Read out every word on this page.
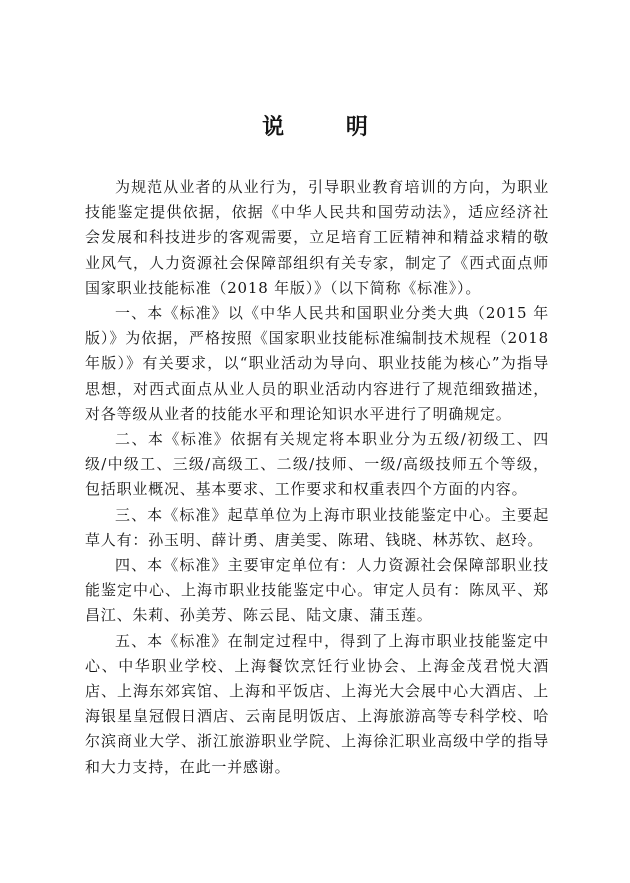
说 明

为规范从业者的从业行为，引导职业教育培训的方向，为职业技能鉴定提供依据，依据《中华人民共和国劳动法》，适应经济社会发展和科技进步的客观需要，立足培育工匠精神和精益求精的敬业风气，人力资源社会保障部组织有关专家，制定了《西式面点师国家职业技能标准（2018 年版）》（以下简称《标准》）。

一、本《标准》以《中华人民共和国职业分类大典（2015 年版）》为依据，严格按照《国家职业技能标准编制技术规程（2018 年版）》有关要求，以“职业活动为导向、职业技能为核心”为指导思想，对西式面点从业人员的职业活动内容进行了规范细致描述，对各等级从业者的技能水平和理论知识水平进行了明确规定。

二、本《标准》依据有关规定将本职业分为五级/初级工、四级/中级工、三级/高级工、二级/技师、一级/高级技师五个等级，包括职业概况、基本要求、工作要求和权重表四个方面的内容。

三、本《标准》起草单位为上海市职业技能鉴定中心。主要起草人有：孙玉明、薛计勇、唐美雯、陈珺、钱晓、林苏钦、赵玲。

四、本《标准》主要审定单位有：人力资源社会保障部职业技能鉴定中心、上海市职业技能鉴定中心。审定人员有：陈凤平、郑昌江、朱莉、孙美芳、陈云昆、陆文康、蒲玉莲。

五、本《标准》在制定过程中，得到了上海市职业技能鉴定中心、中华职业学校、上海餐饮烹饪行业协会、上海金茂君悦大酒店、上海东郊宾馆、上海和平饭店、上海光大会展中心大酒店、上海银星皇冠假日酒店、云南昆明饭店、上海旅游高等专科学校、哈尔滨商业大学、浙江旅游职业学院、上海徐汇职业高级中学的指导和大力支持，在此一并感谢。
